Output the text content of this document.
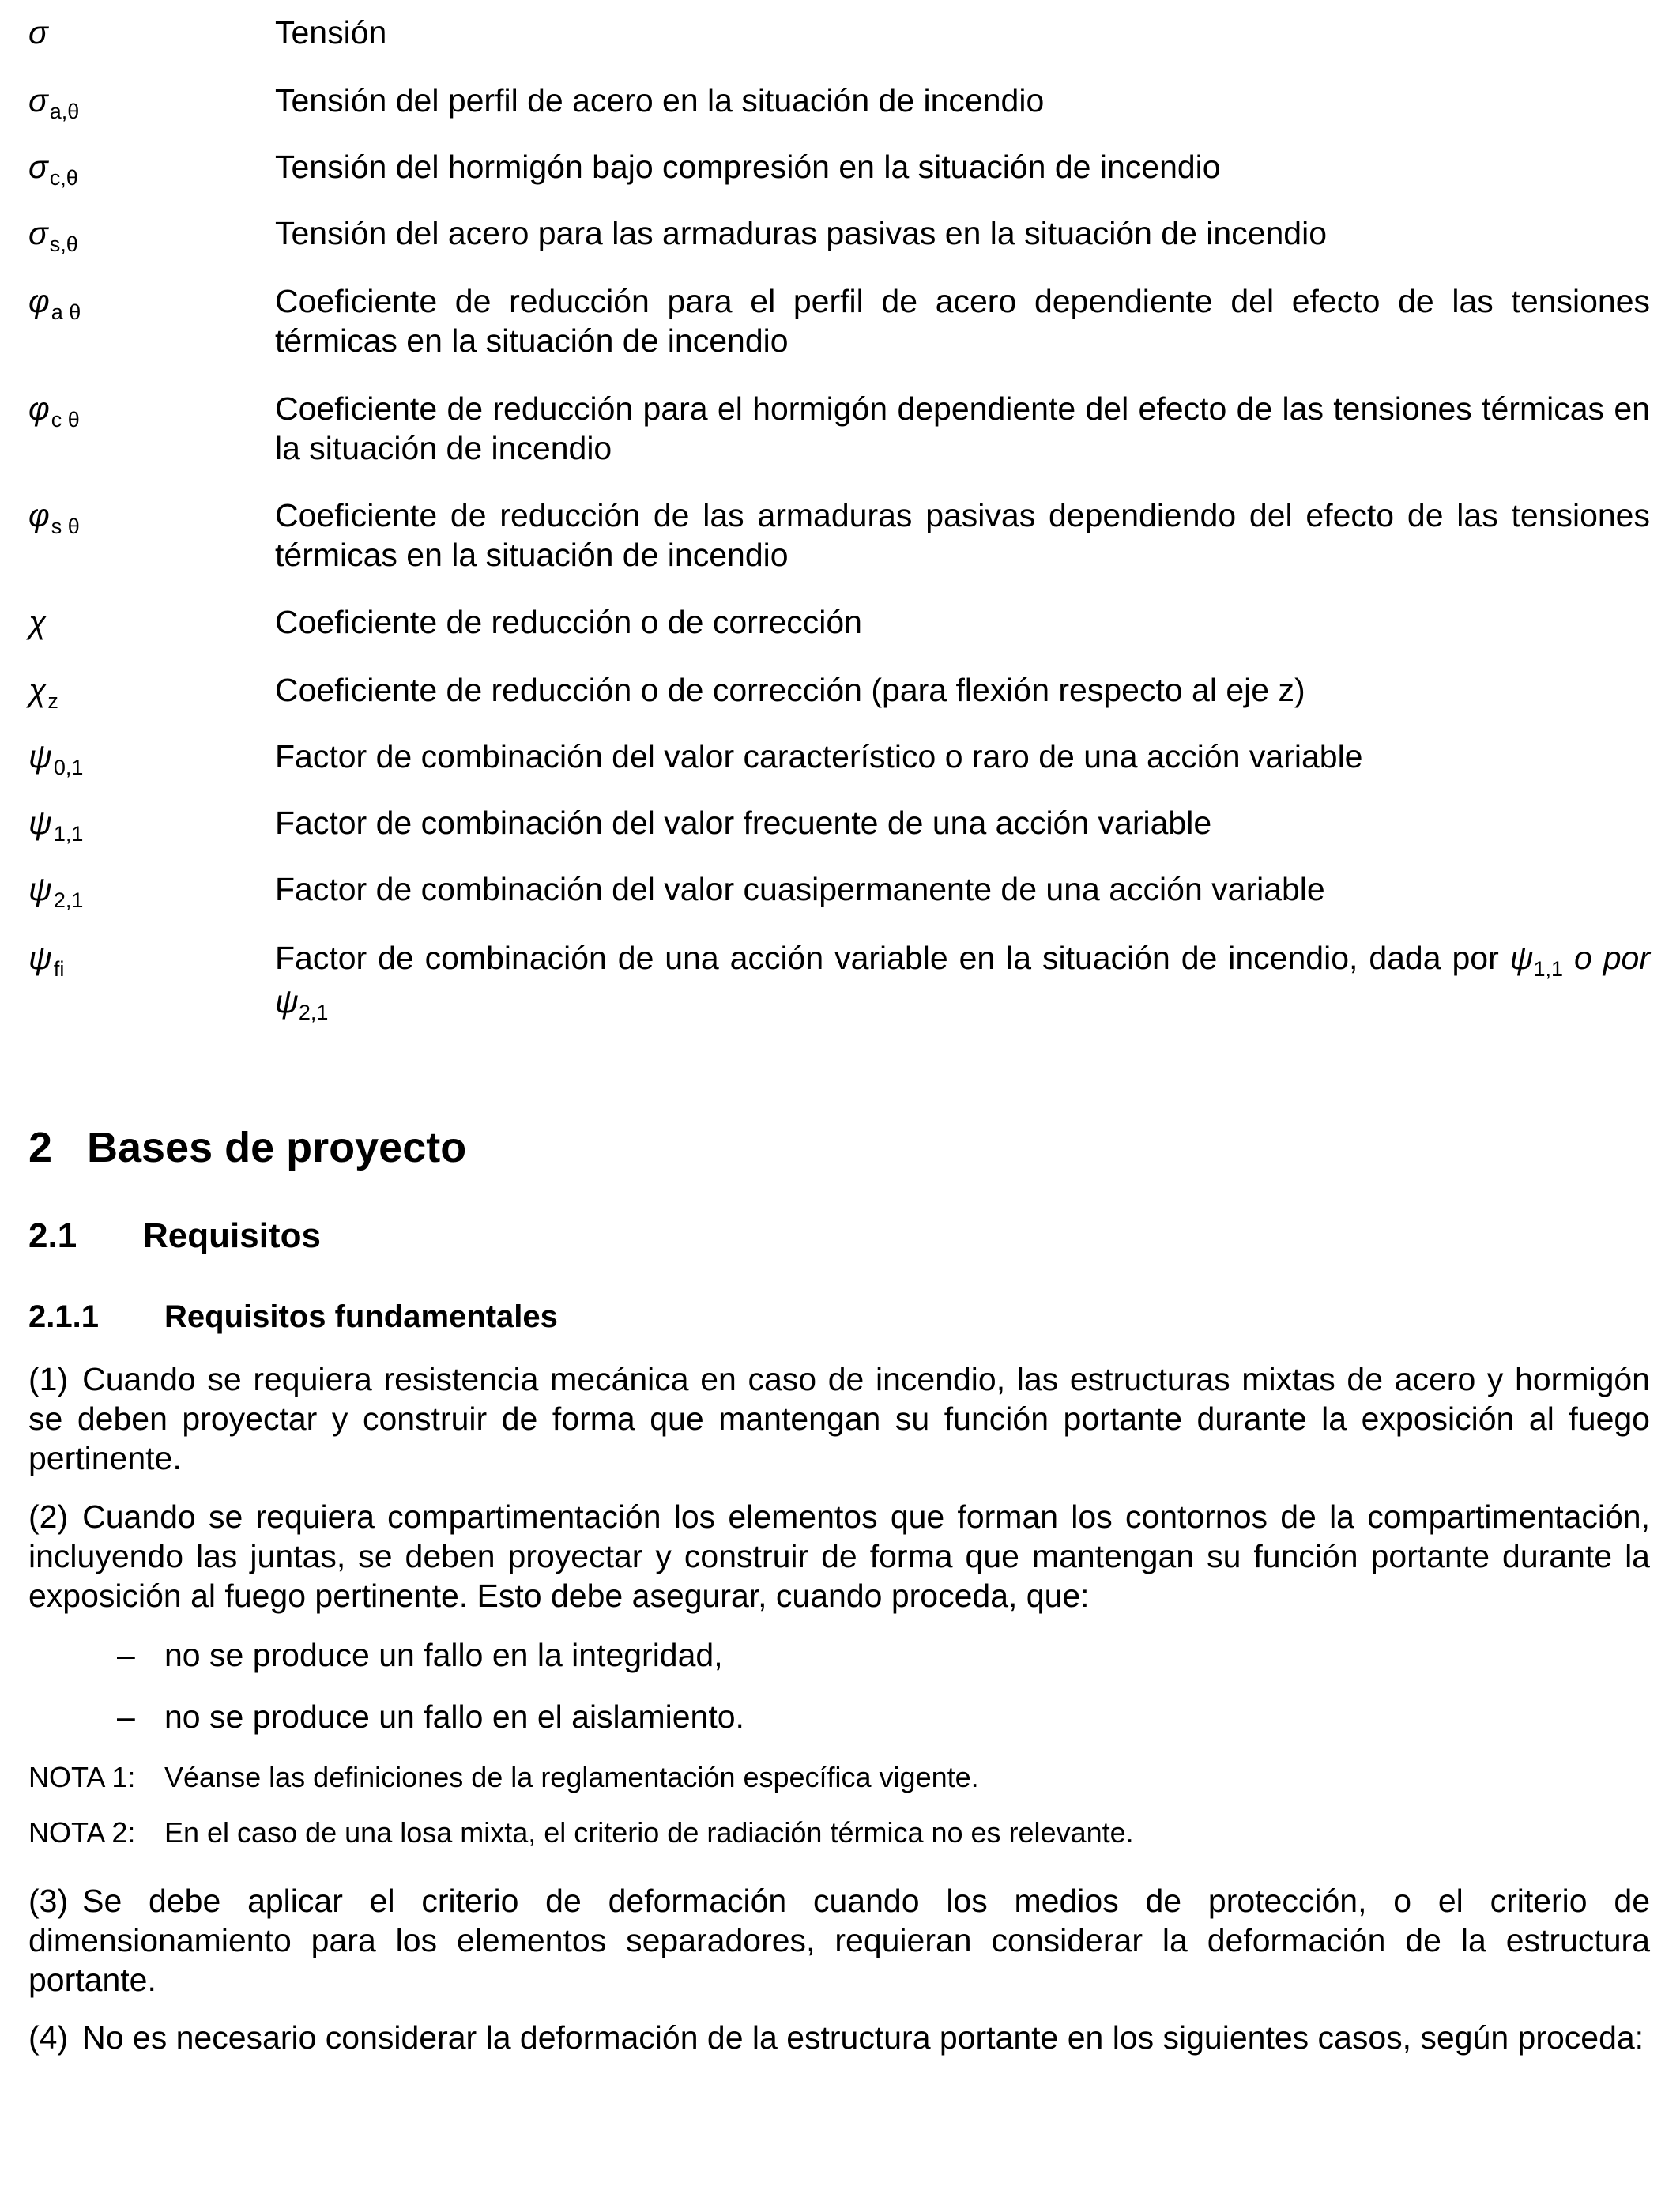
σ	Tensión
$\sigma_{a,\theta}$	Tensión del perfil de acero en la situación de incendio
$\sigma_{c,\theta}$	Tensión del hormigón bajo compresión en la situación de incendio
$\sigma_{s,\theta}$	Tensión del acero para las armaduras pasivas en la situación de incendio
$\varphi_{a \theta}$	Coeficiente de reducción para el perfil de acero dependiente del efecto de las tensiones térmicas en la situación de incendio
$\varphi_{c \theta}$	Coeficiente de reducción para el hormigón dependiente del efecto de las tensiones térmicas en la situación de incendio
$\varphi_{s \theta}$	Coeficiente de reducción de las armaduras pasivas dependiendo del efecto de las tensiones térmicas en la situación de incendio
χ	Coeficiente de reducción o de corrección
$\chi_z$	Coeficiente de reducción o de corrección (para flexión respecto al eje z)
$\psi_{0,1}$	Factor de combinación del valor característico o raro de una acción variable
$\psi_{1,1}$	Factor de combinación del valor frecuente de una acción variable
$\psi_{2,1}$	Factor de combinación del valor cuasipermanente de una acción variable
$\psi_{fi}$	Factor de combinación de una acción variable en la situación de incendio, dada por $\psi_{1,1}$ o por $\psi_{2,1}$
2 Bases de proyecto
2.1 Requisitos
2.1.1 Requisitos fundamentales
(1) Cuando se requiera resistencia mecánica en caso de incendio, las estructuras mixtas de acero y hormigón se deben proyectar y construir de forma que mantengan su función portante durante la exposición al fuego pertinente.
(2) Cuando se requiera compartimentación los elementos que forman los contornos de la compartimentación, incluyendo las juntas, se deben proyectar y construir de forma que mantengan su función portante durante la exposición al fuego pertinente. Esto debe asegurar, cuando proceda, que:
– no se produce un fallo en la integridad,
– no se produce un fallo en el aislamiento.
NOTA 1: Véanse las definiciones de la reglamentación específica vigente.
NOTA 2: En el caso de una losa mixta, el criterio de radiación térmica no es relevante.
(3) Se debe aplicar el criterio de deformación cuando los medios de protección, o el criterio de dimensionamiento para los elementos separadores, requieran considerar la deformación de la estructura portante.
(4) No es necesario considerar la deformación de la estructura portante en los siguientes casos, según proceda:
